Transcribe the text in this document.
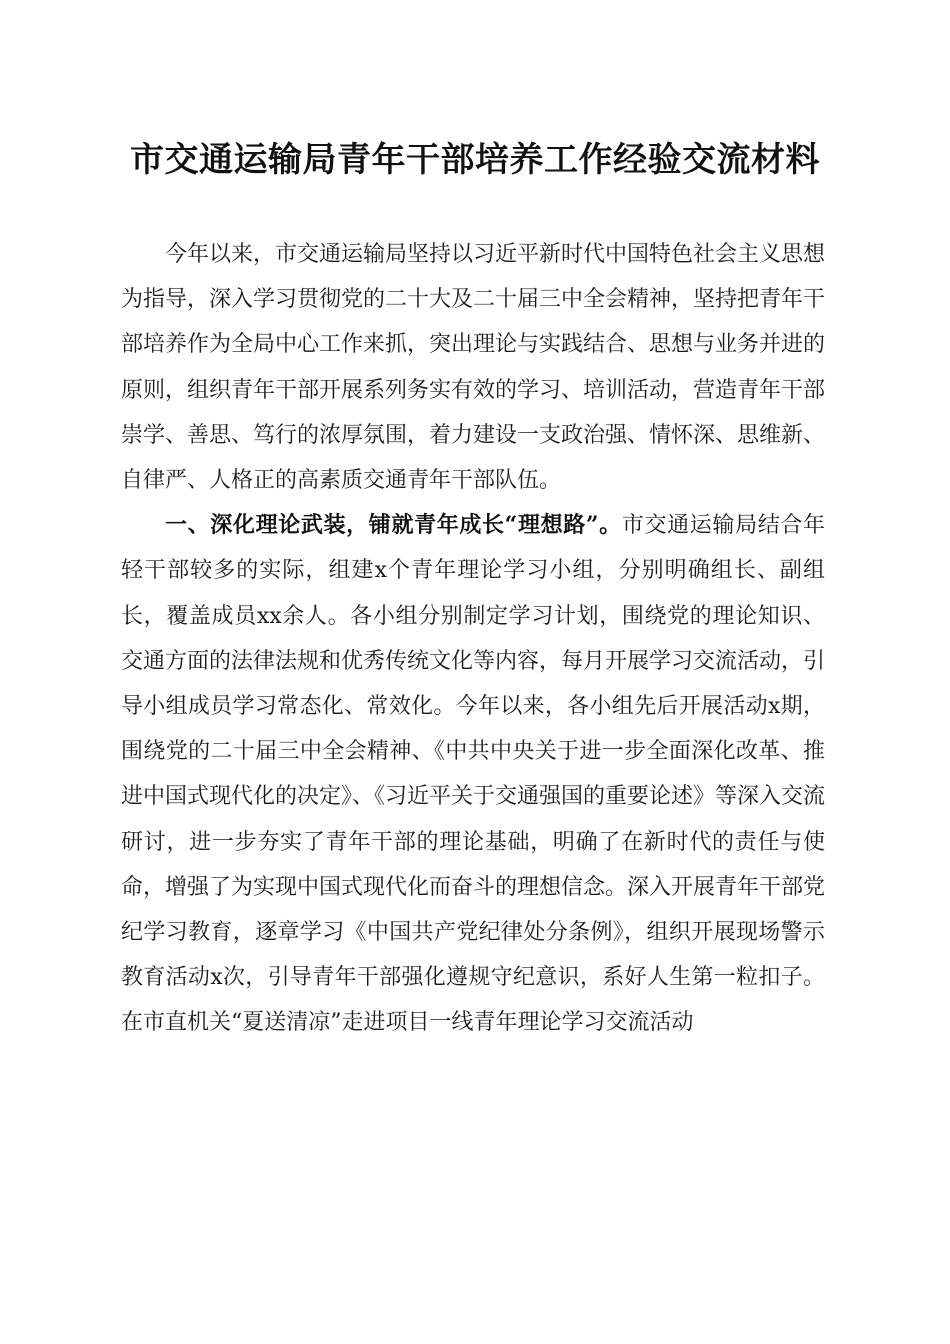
市交通运输局青年干部培养工作经验交流材料

今年以来，市交通运输局坚持以习近平新时代中国特色社会主义思想为指导，深入学习贯彻党的二十大及二十届三中全会精神，坚持把青年干部培养作为全局中心工作来抓，突出理论与实践结合、思想与业务并进的原则，组织青年干部开展系列务实有效的学习、培训活动，营造青年干部崇学、善思、笃行的浓厚氛围，着力建设一支政治强、情怀深、思维新、自律严、人格正的高素质交通青年干部队伍。

一、深化理论武装，铺就青年成长“理想路”。市交通运输局结合年轻干部较多的实际，组建x个青年理论学习小组，分别明确组长、副组长，覆盖成员xx余人。各小组分别制定学习计划，围绕党的理论知识、交通方面的法律法规和优秀传统文化等内容，每月开展学习交流活动，引导小组成员学习常态化、常效化。今年以来，各小组先后开展活动x期，围绕党的二十届三中全会精神、《中共中央关于进一步全面深化改革、推进中国式现代化的决定》、《习近平关于交通强国的重要论述》等深入交流研讨，进一步夯实了青年干部的理论基础，明确了在新时代的责任与使命，增强了为实现中国式现代化而奋斗的理想信念。深入开展青年干部党纪学习教育，逐章学习《中国共产党纪律处分条例》，组织开展现场警示教育活动x次，引导青年干部强化遵规守纪意识，系好人生第一粒扣子。在市直机关“夏送清凉”走进项目一线青年理论学习交流活动
